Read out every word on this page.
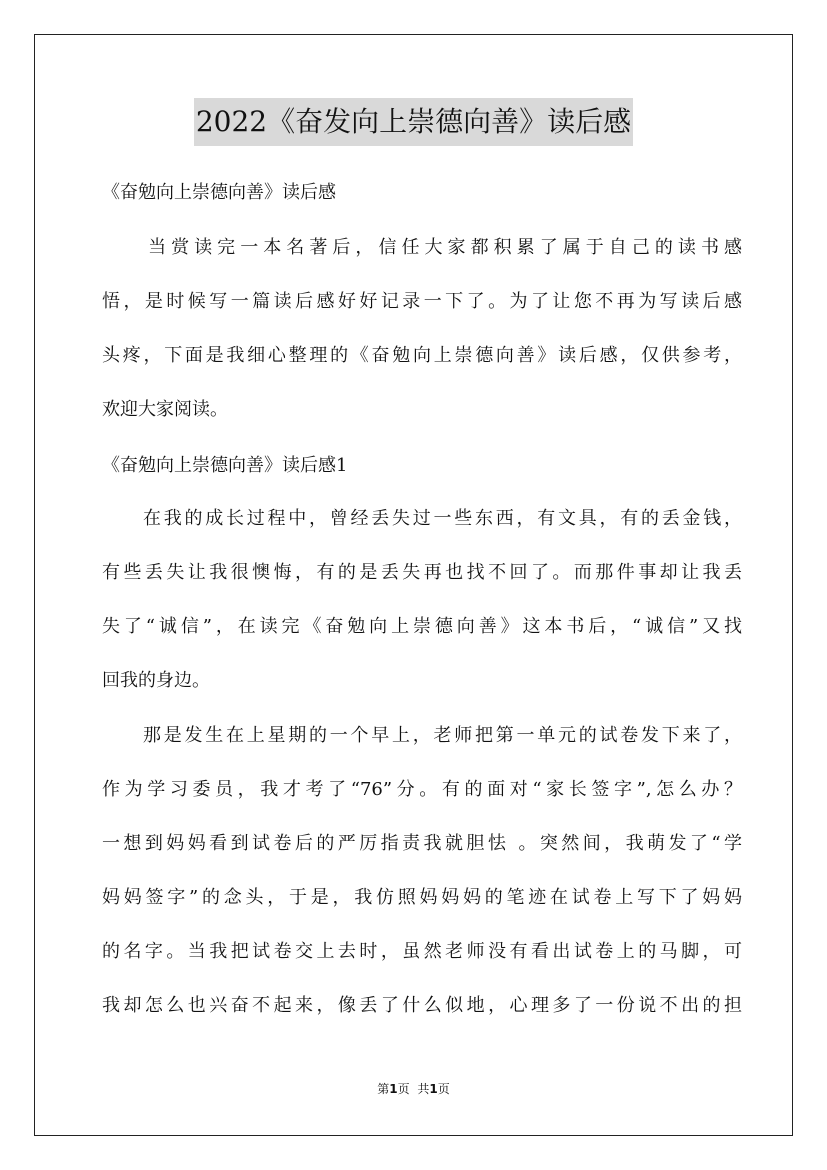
2022《奋发向上崇德向善》读后感
《奋勉向上崇德向善》读后感
　　当赏读完一本名著后，信任大家都积累了属于自己的读书感
悟，是时候写一篇读后感好好记录一下了。为了让您不再为写读后感
头疼，下面是我细心整理的《奋勉向上崇德向善》读后感，仅供参考，
欢迎大家阅读。
《奋勉向上崇德向善》读后感1
在我的成长过程中，曾经丢失过一些东西，有文具，有的丢金钱，
有些丢失让我很懊悔，有的是丢失再也找不回了。而那件事却让我丢
失了“诚信”，在读完《奋勉向上崇德向善》这本书后，“诚信”又找
回我的身边。
那是发生在上星期的一个早上，老师把第一单元的试卷发下来了，
作为学习委员，我才考了“76”分。有的面对“家长签字”,怎么办？
一想到妈妈看到试卷后的严厉指责我就胆怯 。突然间，我萌发了“学
妈妈签字”的念头，于是，我仿照妈妈妈的笔迹在试卷上写下了妈妈
的名字。当我把试卷交上去时，虽然老师没有看出试卷上的马脚，可
我却怎么也兴奋不起来，像丢了什么似地，心理多了一份说不出的担
第1页 共1页
